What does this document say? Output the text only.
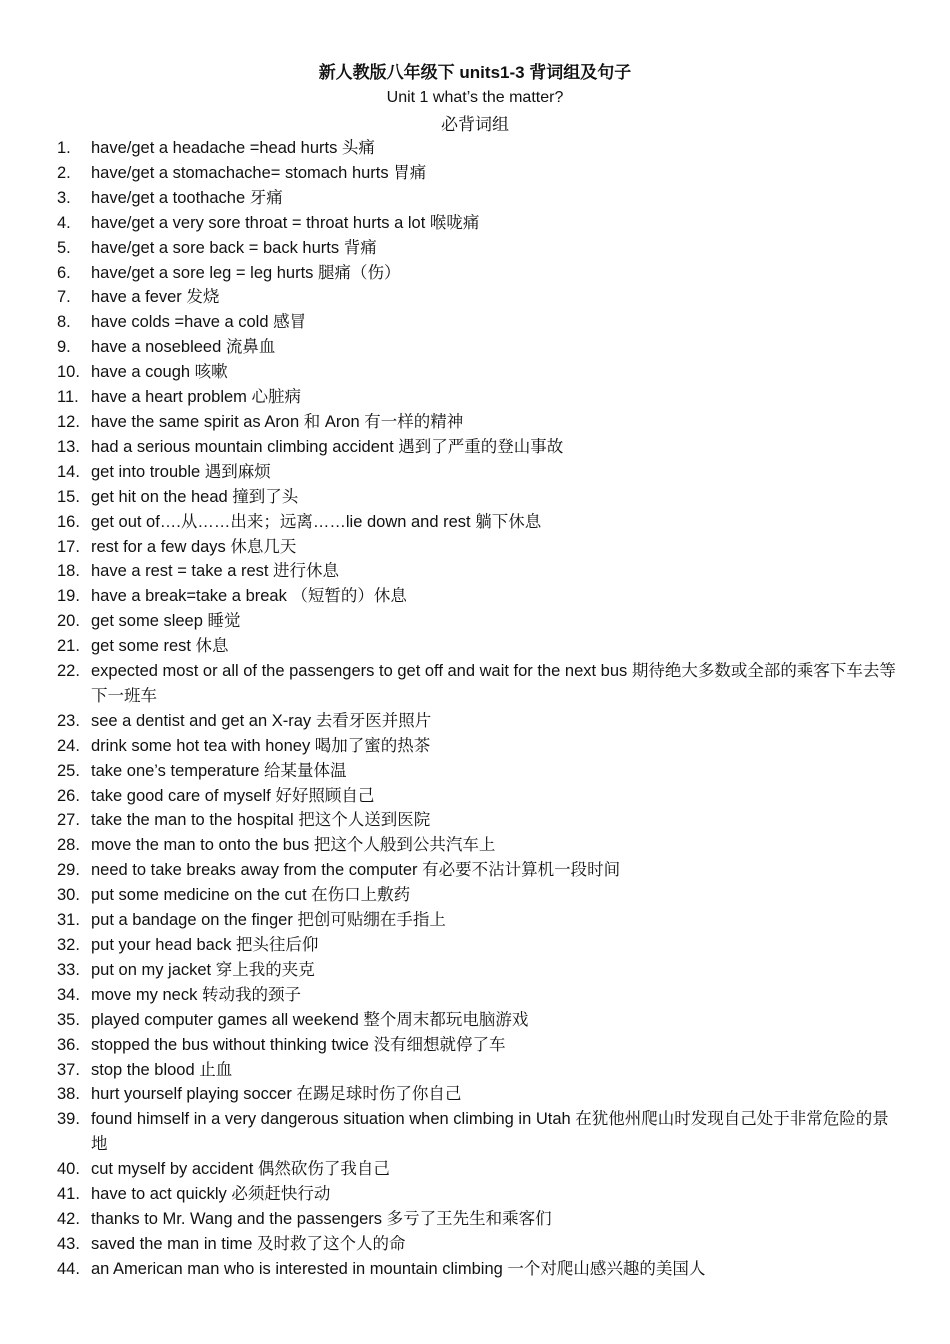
新人教版八年级下 units1-3 背词组及句子
Unit 1 what’s the matter?
必背词组
1. have/get a headache =head hurts 头痛
2. have/get a stomachache= stomach hurts 胃痛
3. have/get a toothache 牙痛
4. have/get a very sore throat = throat hurts a lot 喉咙痛
5. have/get a sore back = back hurts 背痛
6. have/get a sore leg = leg hurts 腿痛（伤）
7. have a fever 发烧
8. have colds =have a cold 感冒
9. have a nosebleed 流鼻血
10. have a cough 咳嗽
11. have a heart problem 心脏病
12. have the same spirit as Aron 和 Aron 有一样的精神
13. had a serious mountain climbing accident 遇到了严重的登山事故
14. get into trouble 遇到麻烦
15. get hit on the head 撞到了头
16. get out of….从……出来；远离……lie down and rest 躺下休息
17. rest for a few days 休息几天
18. have a rest = take a rest 进行休息
19. have a break=take a break （短暂的）休息
20. get some sleep 睡觉
21. get some rest 休息
22. expected most or all of the passengers to get off and wait for the next bus 期待绝大多数或全部的乘客下车去等下一班车
23. see a dentist and get an X-ray 去看牙医并照片
24. drink some hot tea with honey 喝加了蜜的热茶
25. take one’s temperature 给某量体温
26. take good care of myself 好好照顾自己
27. take the man to the hospital 把这个人送到医院
28. move the man to onto the bus 把这个人般到公共汽车上
29. need to take breaks away from the computer 有必要不沾计算机一段时间
30. put some medicine on the cut 在伤口上敷药
31. put a bandage on the finger 把创可贴绷在手指上
32. put your head back 把头往后仰
33. put on my jacket 穿上我的夹克
34. move my neck 转动我的颈子
35. played computer games all weekend 整个周末都玩电脑游戏
36. stopped the bus without thinking twice 没有细想就停了车
37. stop the blood 止血
38. hurt yourself playing soccer 在踢足球时伤了你自己
39. found himself in a very dangerous situation when climbing in Utah 在犹他州爬山时发现自己处于非常危险的景地
40. cut myself by accident 偶然砍伤了我自己
41. have to act quickly 必须赶快行动
42. thanks to Mr. Wang and the passengers 多亏了王先生和乘客们
43. saved the man in time 及时救了这个人的命
44. an American man who is interested in mountain climbing 一个对爬山感兴趣的美国人
